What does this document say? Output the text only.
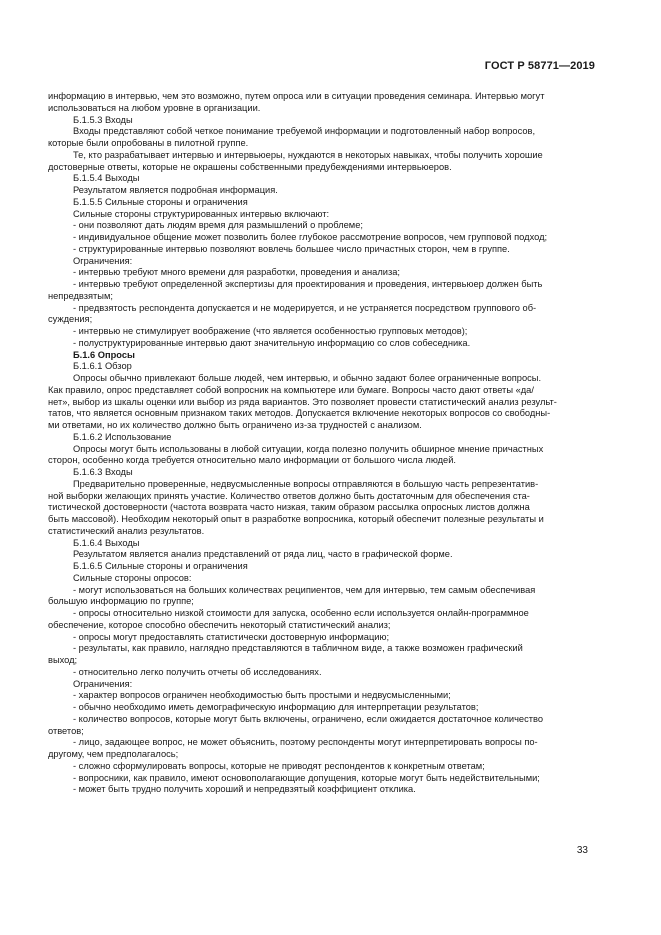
ГОСТ Р 58771—2019
информацию в интервью, чем это возможно, путем опроса или в ситуации проведения семинара. Интервью могут
использоваться на любом уровне в организации.
Б.1.5.3 Входы
Входы представляют собой четкое понимание требуемой информации и подготовленный набор вопросов,
которые были опробованы в пилотной группе.
Те, кто разрабатывает интервью и интервьюеры, нуждаются в некоторых навыках, чтобы получить хорошие
достоверные ответы, которые не окрашены собственными предубеждениями интервьюеров.
Б.1.5.4 Выходы
Результатом является подробная информация.
Б.1.5.5 Сильные стороны и ограничения
Сильные стороны структурированных интервью включают:
- они позволяют дать людям время для размышлений о проблеме;
- индивидуальное общение может позволить более глубокое рассмотрение вопросов, чем групповой подход;
- структурированные интервью позволяют вовлечь большее число причастных сторон, чем в группе.
Ограничения:
- интервью требуют много времени для разработки, проведения и анализа;
- интервью требуют определенной экспертизы для проектирования и проведения, интервьюер должен быть
непредвзятым;
- предвзятость респондента допускается и не модерируется, и не устраняется посредством группового об-
суждения;
- интервью не стимулирует воображение (что является особенностью групповых методов);
- полуструктурированные интервью дают значительную информацию со слов собеседника.
Б.1.6 Опросы
Б.1.6.1 Обзор
Опросы обычно привлекают больше людей, чем интервью, и обычно задают более ограниченные вопросы.
Как правило, опрос представляет собой вопросник на компьютере или бумаге. Вопросы часто дают ответы «да/
нет», выбор из шкалы оценки или выбор из ряда вариантов. Это позволяет провести статистический анализ результ-
татов, что является основным признаком таких методов. Допускается включение некоторых вопросов со свободны-
ми ответами, но их количество должно быть ограничено из-за трудностей с анализом.
Б.1.6.2 Использование
Опросы могут быть использованы в любой ситуации, когда полезно получить обширное мнение причастных
сторон, особенно когда требуется относительно мало информации от большого числа людей.
Б.1.6.3 Входы
Предварительно проверенные, недвусмысленные вопросы отправляются в большую часть репрезентатив-
ной выборки желающих принять участие. Количество ответов должно быть достаточным для обеспечения ста-
тистической достоверности (частота возврата часто низкая, таким образом рассылка опросных листов должна
быть массовой). Необходим некоторый опыт в разработке вопросника, который обеспечит полезные результаты и
статистический анализ результатов.
Б.1.6.4 Выходы
Результатом является анализ представлений от ряда лиц, часто в графической форме.
Б.1.6.5 Сильные стороны и ограничения
Сильные стороны опросов:
- могут использоваться на больших количествах реципиентов, чем для интервью, тем самым обеспечивая
большую информацию по группе;
- опросы относительно низкой стоимости для запуска, особенно если используется онлайн-программное
обеспечение, которое способно обеспечить некоторый статистический анализ;
- опросы могут предоставлять статистически достоверную информацию;
- результаты, как правило, наглядно представляются в табличном виде, а также возможен графический
выход;
- относительно легко получить отчеты об исследованиях.
Ограничения:
- характер вопросов ограничен необходимостью быть простыми и недвусмысленными;
- обычно необходимо иметь демографическую информацию для интерпретации результатов;
- количество вопросов, которые могут быть включены, ограничено, если ожидается достаточное количество
ответов;
- лицо, задающее вопрос, не может объяснить, поэтому респонденты могут интерпретировать вопросы по-
другому, чем предполагалось;
- сложно сформулировать вопросы, которые не приводят респондентов к конкретным ответам;
- вопросники, как правило, имеют основополагающие допущения, которые могут быть недействительными;
- может быть трудно получить хороший и непредвзятый коэффициент отклика.
33
